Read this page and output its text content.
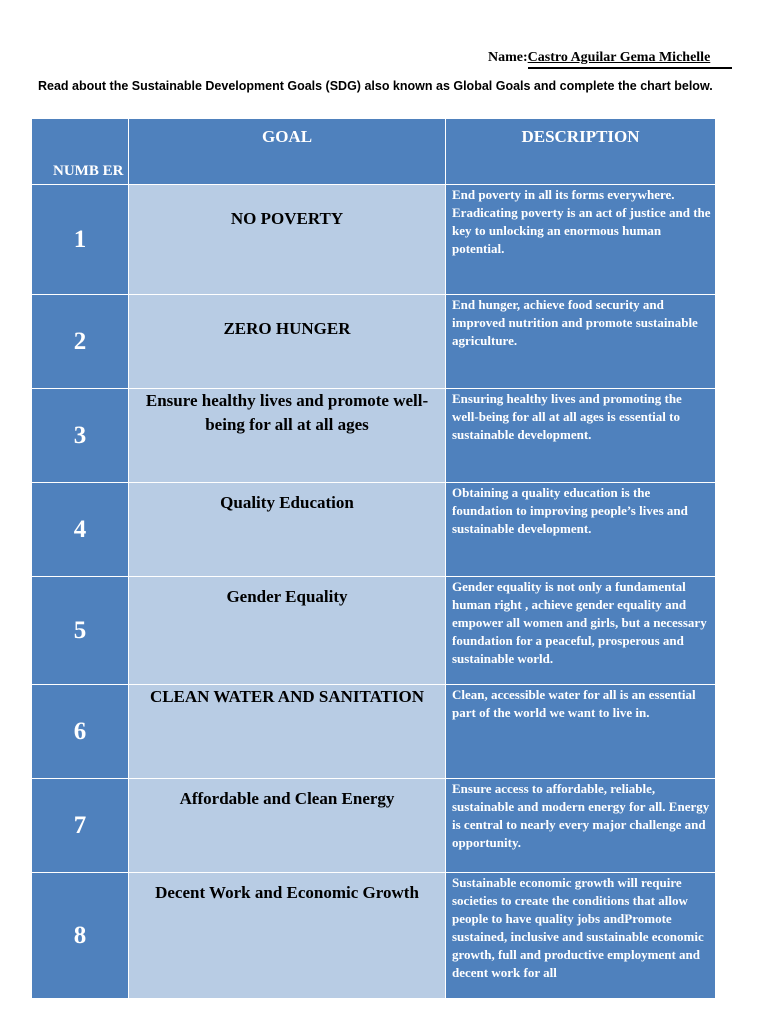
Name:Castro Aguilar Gema Michelle
Read about the Sustainable Development Goals (SDG) also known as Global Goals and complete the chart below.
NUMB ER	GOAL	DESCRIPTION
1	NO POVERTY	End poverty in all its forms everywhere. Eradicating poverty is an act of justice and the key to unlocking an enormous human potential.
2	ZERO HUNGER	End hunger, achieve food security and improved nutrition and promote sustainable agriculture.
3	Ensure healthy lives and promote well-being for all at all ages	Ensuring healthy lives and promoting the well-being for all at all ages is essential to sustainable development.
4	Quality Education	Obtaining a quality education is the foundation to improving people’s lives and sustainable development.
5	Gender Equality	Gender equality is not only a fundamental human right , achieve gender equality and empower all women and girls, but a necessary foundation for a peaceful, prosperous and sustainable world.
6	CLEAN WATER AND SANITATION	Clean, accessible water for all is an essential part of the world we want to live in.
7	Affordable and Clean Energy	Ensure access to affordable, reliable, sustainable and modern energy for all. Energy is central to nearly every major challenge and opportunity.
8	Decent Work and Economic Growth	Sustainable economic growth will require societies to create the conditions that allow people to have quality jobs andPromote sustained, inclusive and sustainable economic growth, full and productive employment and decent work for all
